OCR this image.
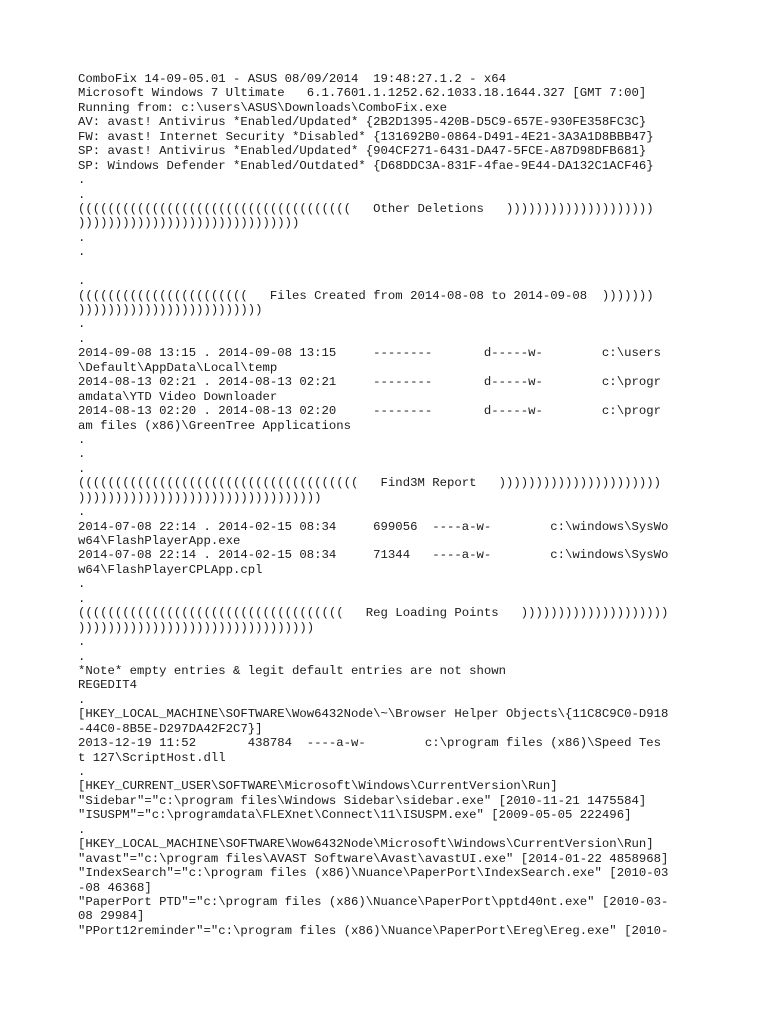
ComboFix 14-09-05.01 - ASUS 08/09/2014  19:48:27.1.2 - x64
Microsoft Windows 7 Ultimate   6.1.7601.1.1252.62.1033.18.1644.327 [GMT 7:00]
Running from: c:\users\ASUS\Downloads\ComboFix.exe
AV: avast! Antivirus *Enabled/Updated* {2B2D1395-420B-D5C9-657E-930FE358FC3C}
FW: avast! Internet Security *Disabled* {131692B0-0864-D491-4E21-3A3A1D8BBB47}
SP: avast! Antivirus *Enabled/Updated* {904CF271-6431-DA47-5FCE-A87D98DFB681}
SP: Windows Defender *Enabled/Outdated* {D68DDC3A-831F-4fae-9E44-DA132C1ACF46}
.
.
(((((((((((((((((((((((((((((((((((((   Other Deletions   ))))))))))))))))))))
))))))))))))))))))))))))))))))
.
.
.
(((((((((((((((((((((((   Files Created from 2014-08-08 to 2014-09-08  )))))))
)))))))))))))))))))))))))
.
.
2014-09-08 13:15 . 2014-09-08 13:15     --------       d-----w-        c:\users
\Default\AppData\Local\temp
2014-08-13 02:21 . 2014-08-13 02:21     --------       d-----w-        c:\progr
amdata\YTD Video Downloader
2014-08-13 02:20 . 2014-08-13 02:20     --------       d-----w-        c:\progr
am files (x86)\GreenTree Applications
.
.
.
((((((((((((((((((((((((((((((((((((((   Find3M Report   ))))))))))))))))))))))
)))))))))))))))))))))))))))))))))
.
2014-07-08 22:14 . 2014-02-15 08:34     699056  ----a-w-        c:\windows\SysWo
w64\FlashPlayerApp.exe
2014-07-08 22:14 . 2014-02-15 08:34     71344   ----a-w-        c:\windows\SysWo
w64\FlashPlayerCPLApp.cpl
.
.
((((((((((((((((((((((((((((((((((((   Reg Loading Points   ))))))))))))))))))))
))))))))))))))))))))))))))))))))
.
.
*Note* empty entries & legit default entries are not shown
REGEDIT4
.
[HKEY_LOCAL_MACHINE\SOFTWARE\Wow6432Node\~\Browser Helper Objects\{11C8C9C0-D918
-44C0-8B5E-D297DA42F2C7}]
2013-12-19 11:52       438784  ----a-w-        c:\program files (x86)\Speed Tes
t 127\ScriptHost.dll
.
[HKEY_CURRENT_USER\SOFTWARE\Microsoft\Windows\CurrentVersion\Run]
"Sidebar"="c:\program files\Windows Sidebar\sidebar.exe" [2010-11-21 1475584]
"ISUSPM"="c:\programdata\FLEXnet\Connect\11\ISUSPM.exe" [2009-05-05 222496]
.
[HKEY_LOCAL_MACHINE\SOFTWARE\Wow6432Node\Microsoft\Windows\CurrentVersion\Run]
"avast"="c:\program files\AVAST Software\Avast\avastUI.exe" [2014-01-22 4858968]
"IndexSearch"="c:\program files (x86)\Nuance\PaperPort\IndexSearch.exe" [2010-03
-08 46368]
"PaperPort PTD"="c:\program files (x86)\Nuance\PaperPort\pptd40nt.exe" [2010-03-
08 29984]
"PPort12reminder"="c:\program files (x86)\Nuance\PaperPort\Ereg\Ereg.exe" [2010-
